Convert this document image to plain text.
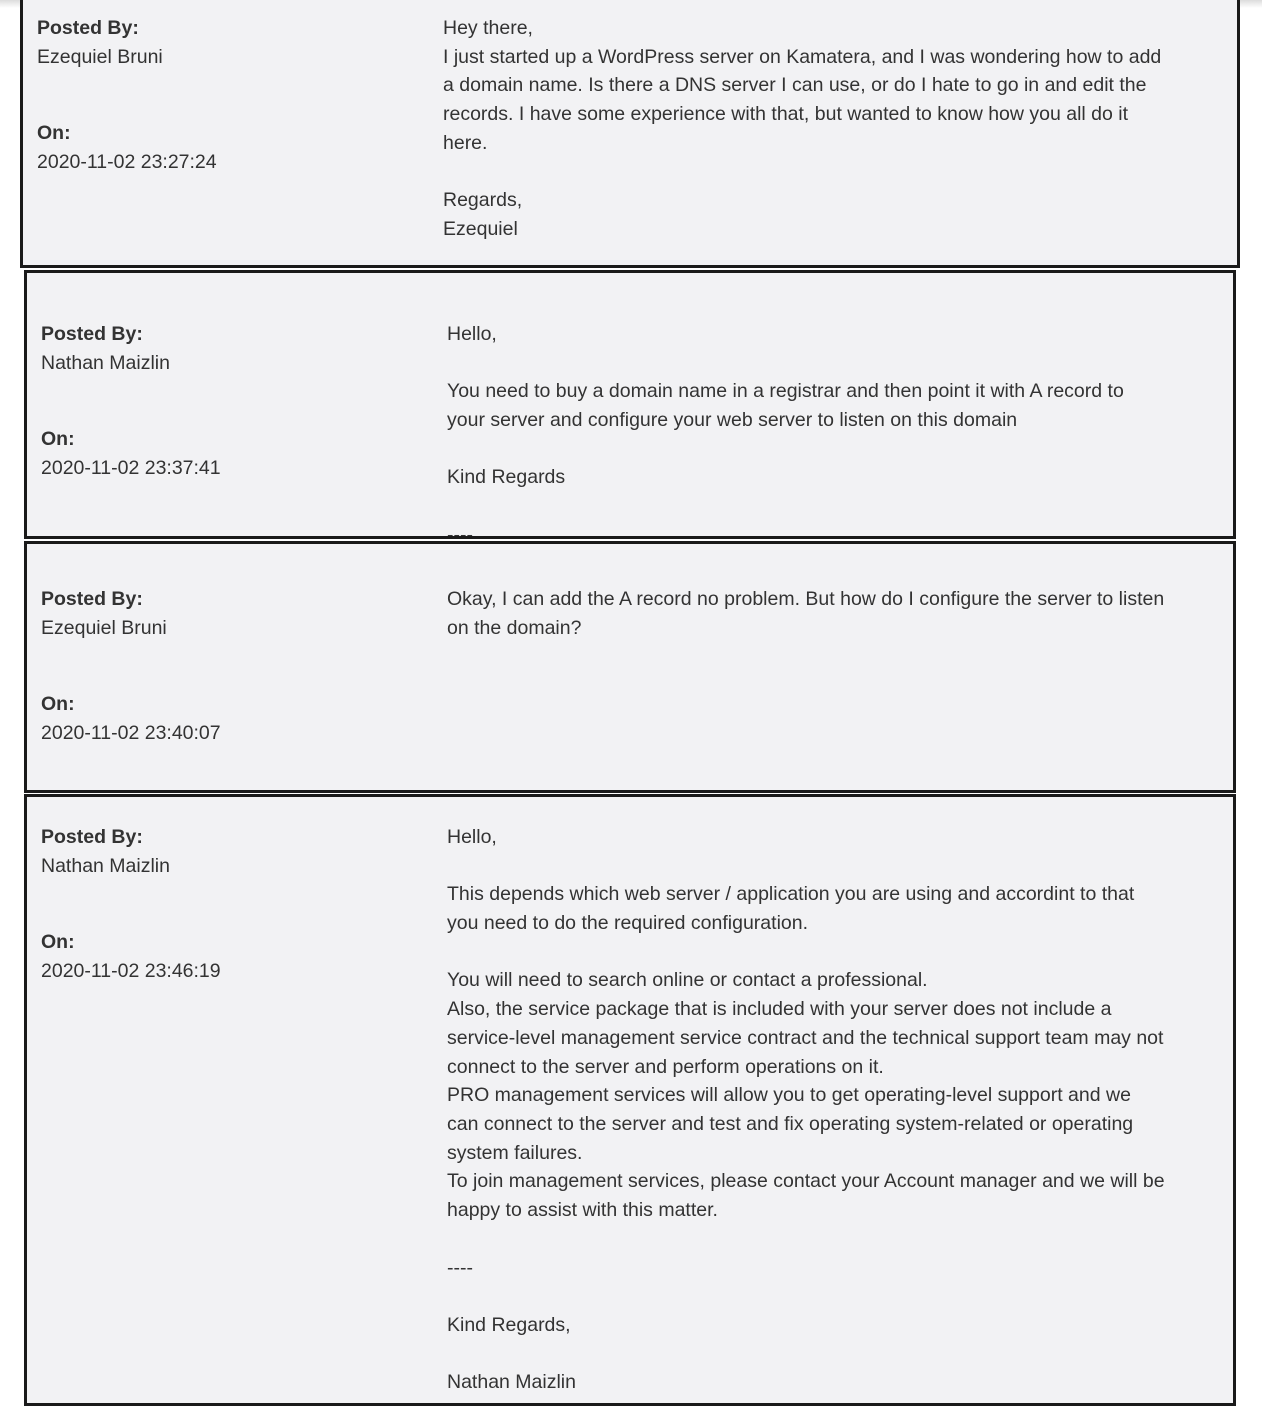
Posted By:
Ezequiel Bruni
On:
2020-11-02 23:27:24
Hey there,
I just started up a WordPress server on Kamatera, and I was wondering how to add
a domain name. Is there a DNS server I can use, or do I hate to go in and edit the
records. I have some experience with that, but wanted to know how you all do it
here.
Regards,
Ezequiel
Posted By:
Nathan Maizlin
On:
2020-11-02 23:37:41
Hello,
You need to buy a domain name in a registrar and then point it with A record to
your server and configure your web server to listen on this domain
Kind Regards
----
Posted By:
Ezequiel Bruni
On:
2020-11-02 23:40:07
Okay, I can add the A record no problem. But how do I configure the server to listen
on the domain?
Posted By:
Nathan Maizlin
On:
2020-11-02 23:46:19
Hello,
This depends which web server / application you are using and accordint to that
you need to do the required configuration.
You will need to search online or contact a professional.
Also, the service package that is included with your server does not include a
service-level management service contract and the technical support team may not
connect to the server and perform operations on it.
PRO management services will allow you to get operating-level support and we
can connect to the server and test and fix operating system-related or operating
system failures.
To join management services, please contact your Account manager and we will be
happy to assist with this matter.
----
Kind Regards,
Nathan Maizlin
